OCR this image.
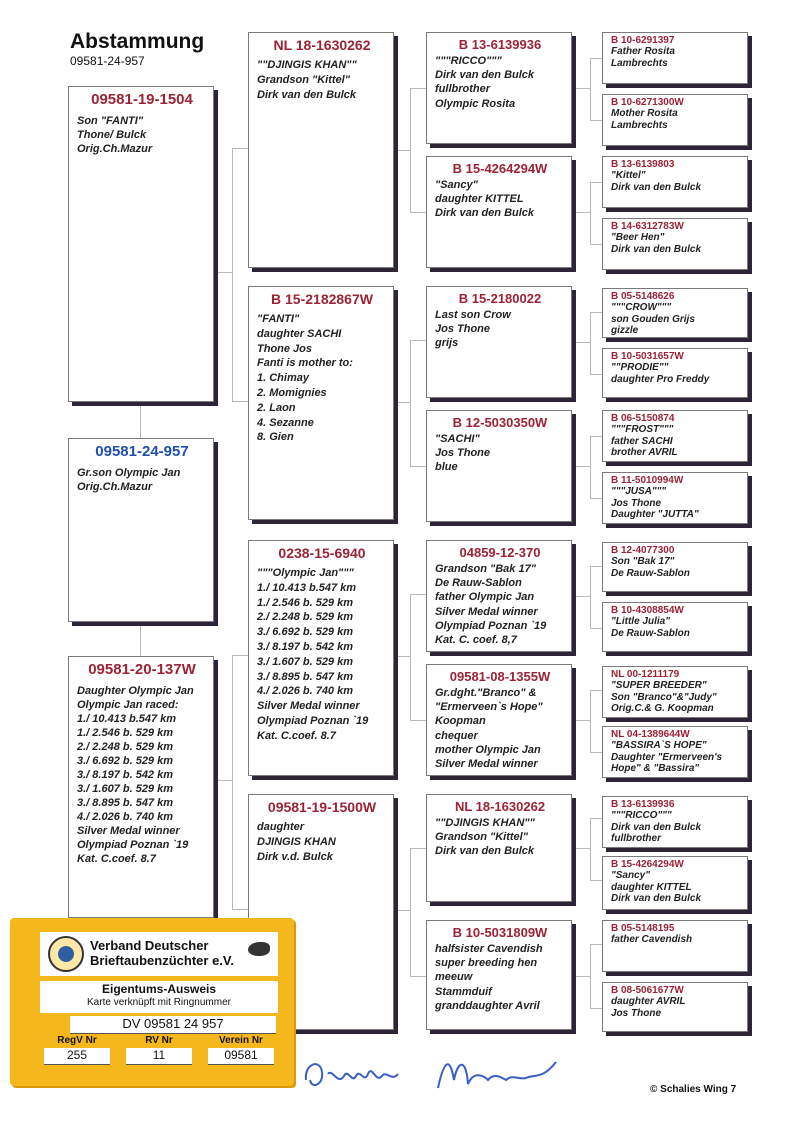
Abstammung
09581-24-957
09581-19-1504
Son "FANTI"
Thone/ Bulck
Orig.Ch.Mazur
09581-24-957
Gr.son Olympic Jan
Orig.Ch.Mazur
09581-20-137W
Daughter Olympic Jan
Olympic Jan raced:
1./ 10.413 b.547 km
1./ 2.546 b. 529 km
2./ 2.248 b. 529 km
3./ 6.692 b. 529 km
3./ 8.197 b. 542 km
3./ 1.607 b. 529 km
3./ 8.895 b. 547 km
4./ 2.026 b. 740 km
Silver Medal winner
Olympiad Poznan `19
Kat. C.coef. 8.7
NL 18-1630262
""DJINGIS KHAN""
Grandson "Kittel"
Dirk van den Bulck
B 15-2182867W
"FANTI"
daughter SACHI
Thone Jos
Fanti is mother to:
1. Chimay
2. Momignies
2. Laon
4. Sezanne
8. Gien
0238-15-6940
"""Olympic Jan"""
1./ 10.413 b.547 km
1./ 2.546 b. 529 km
2./ 2.248 b. 529 km
3./ 6.692 b. 529 km
3./ 8.197 b. 542 km
3./ 1.607 b. 529 km
3./ 8.895 b. 547 km
4./ 2.026 b. 740 km
Silver Medal winner
Olympiad Poznan `19
Kat. C.coef. 8.7
09581-19-1500W
daughter
DJINGIS KHAN
Dirk v.d. Bulck
B 13-6139936
"""RICCO"""
Dirk van den Bulck
fullbrother
Olympic Rosita
B 15-4264294W
"Sancy"
daughter KITTEL
Dirk van den Bulck
B 15-2180022
Last son Crow
Jos Thone
grijs
B 12-5030350W
"SACHI"
Jos Thone
blue
04859-12-370
Grandson "Bak 17"
De Rauw-Sablon
father Olympic Jan
Silver Medal winner
Olympiad Poznan `19
Kat. C. coef. 8,7
09581-08-1355W
Gr.dght."Branco" &
"Ermerveen`s Hope"
Koopman
chequer
mother Olympic Jan
Silver Medal winner
NL 18-1630262
""DJINGIS KHAN""
Grandson "Kittel"
Dirk van den Bulck
B 10-5031809W
halfsister Cavendish
super breeding hen
meeuw
Stammduif
granddaughter Avril
B 10-6291397
Father Rosita
Lambrechts
B 10-6271300W
Mother Rosita
Lambrechts
B 13-6139803
"Kittel"
Dirk van den Bulck
B 14-6312783W
"Beer Hen"
Dirk van den Bulck
B 05-5148626
"""CROW"""
son Gouden Grijs
gizzle
B 10-5031657W
""PRODIE""
daughter Pro Freddy
B 06-5150874
"""FROST"""
father SACHI
brother AVRIL
B 11-5010994W
"""JUSA"""
Jos Thone
Daughter "JUTTA"
B 12-4077300
Son "Bak 17"
De Rauw-Sablon
B 10-4308854W
"Little Julia"
De Rauw-Sablon
NL 00-1211179
"SUPER BREEDER"
Son "Branco"&"Judy"
Orig.C.& G. Koopman
NL 04-1389644W
"BASSIRA`S HOPE"
Daughter "Ermerveen's
Hope" & "Bassira"
B 13-6139936
"""RICCO"""
Dirk van den Bulck
fullbrother
B 15-4264294W
"Sancy"
daughter KITTEL
Dirk van den Bulck
B 05-5148195
father Cavendish
B 08-5061677W
daughter AVRIL
Jos Thone
Verband Deutscher
Brieftaubenzüchter e.V.
Eigentums-Ausweis
Karte verknüpft mit Ringnummer
DV 09581 24 957
RegV Nr
255
RV Nr
11
Verein Nr
09581
© Schalies Wing 7
